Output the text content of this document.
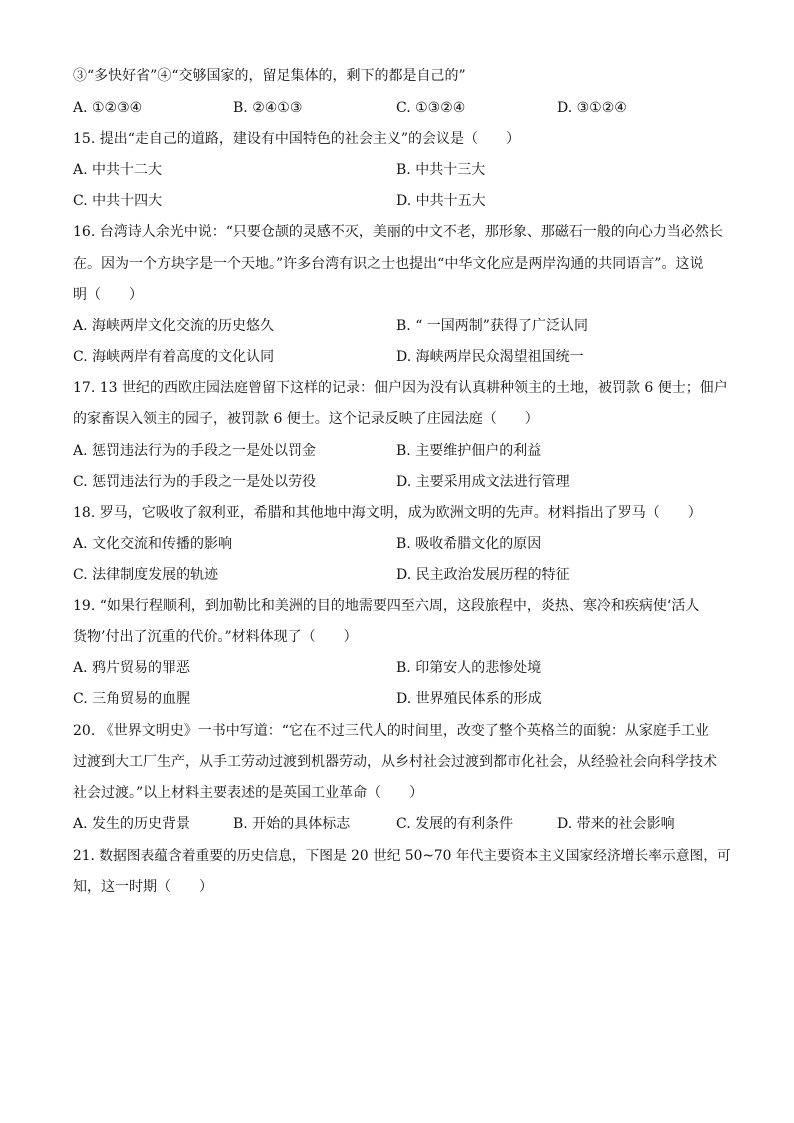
③“多快好省”④“交够国家的，留足集体的，剩下的都是自己的”
A. ①②③④	B. ②④①③	C. ①③②④	D. ③①②④
15. 提出“走自己的道路，建设有中国特色的社会主义”的会议是（　　）
A. 中共十二大	B. 中共十三大
C. 中共十四大	D. 中共十五大
16. 台湾诗人余光中说：“只要仓颉的灵感不灭，美丽的中文不老，那形象、那磁石一般的向心力当必然长
在。因为一个方块字是一个天地。”许多台湾有识之士也提出“中华文化应是两岸沟通的共同语言”。这说
明（　　）
A. 海峡两岸文化交流的历史悠久	B. “ 一国两制”获得了广泛认同
C. 海峡两岸有着高度的文化认同	D. 海峡两岸民众渴望祖国统一
17. 13 世纪的西欧庄园法庭曾留下这样的记录：佃户因为没有认真耕种领主的土地，被罚款 6 便士；佃户
的家畜误入领主的园子，被罚款 6 便士。这个记录反映了庄园法庭（　　）
A. 惩罚违法行为的手段之一是处以罚金	B. 主要维护佃户的利益
C. 惩罚违法行为的手段之一是处以劳役	D. 主要采用成文法进行管理
18. 罗马，它吸收了叙利亚，希腊和其他地中海文明，成为欧洲文明的先声。材料指出了罗马（　　）
A. 文化交流和传播的影响	B. 吸收希腊文化的原因
C. 法律制度发展的轨迹	D. 民主政治发展历程的特征
19. “如果行程顺利，到加勒比和美洲的目的地需要四至六周，这段旅程中，炎热、寒冷和疾病使‘活人
货物’付出了沉重的代价。”材料体现了（　　）
A. 鸦片贸易的罪恶	B. 印第安人的悲惨处境
C. 三角贸易的血腥	D. 世界殖民体系的形成
20. 《世界文明史》一书中写道：“它在不过三代人的时间里，改变了整个英格兰的面貌：从家庭手工业
过渡到大工厂生产，从手工劳动过渡到机器劳动，从乡村社会过渡到都市化社会，从经验社会向科学技术
社会过渡。”以上材料主要表述的是英国工业革命（　　）
A. 发生的历史背景	B. 开始的具体标志	C. 发展的有利条件	D. 带来的社会影响
21. 数据图表蕴含着重要的历史信息，下图是 20 世纪 50~70 年代主要资本主义国家经济增长率示意图，可
知，这一时期（　　）
